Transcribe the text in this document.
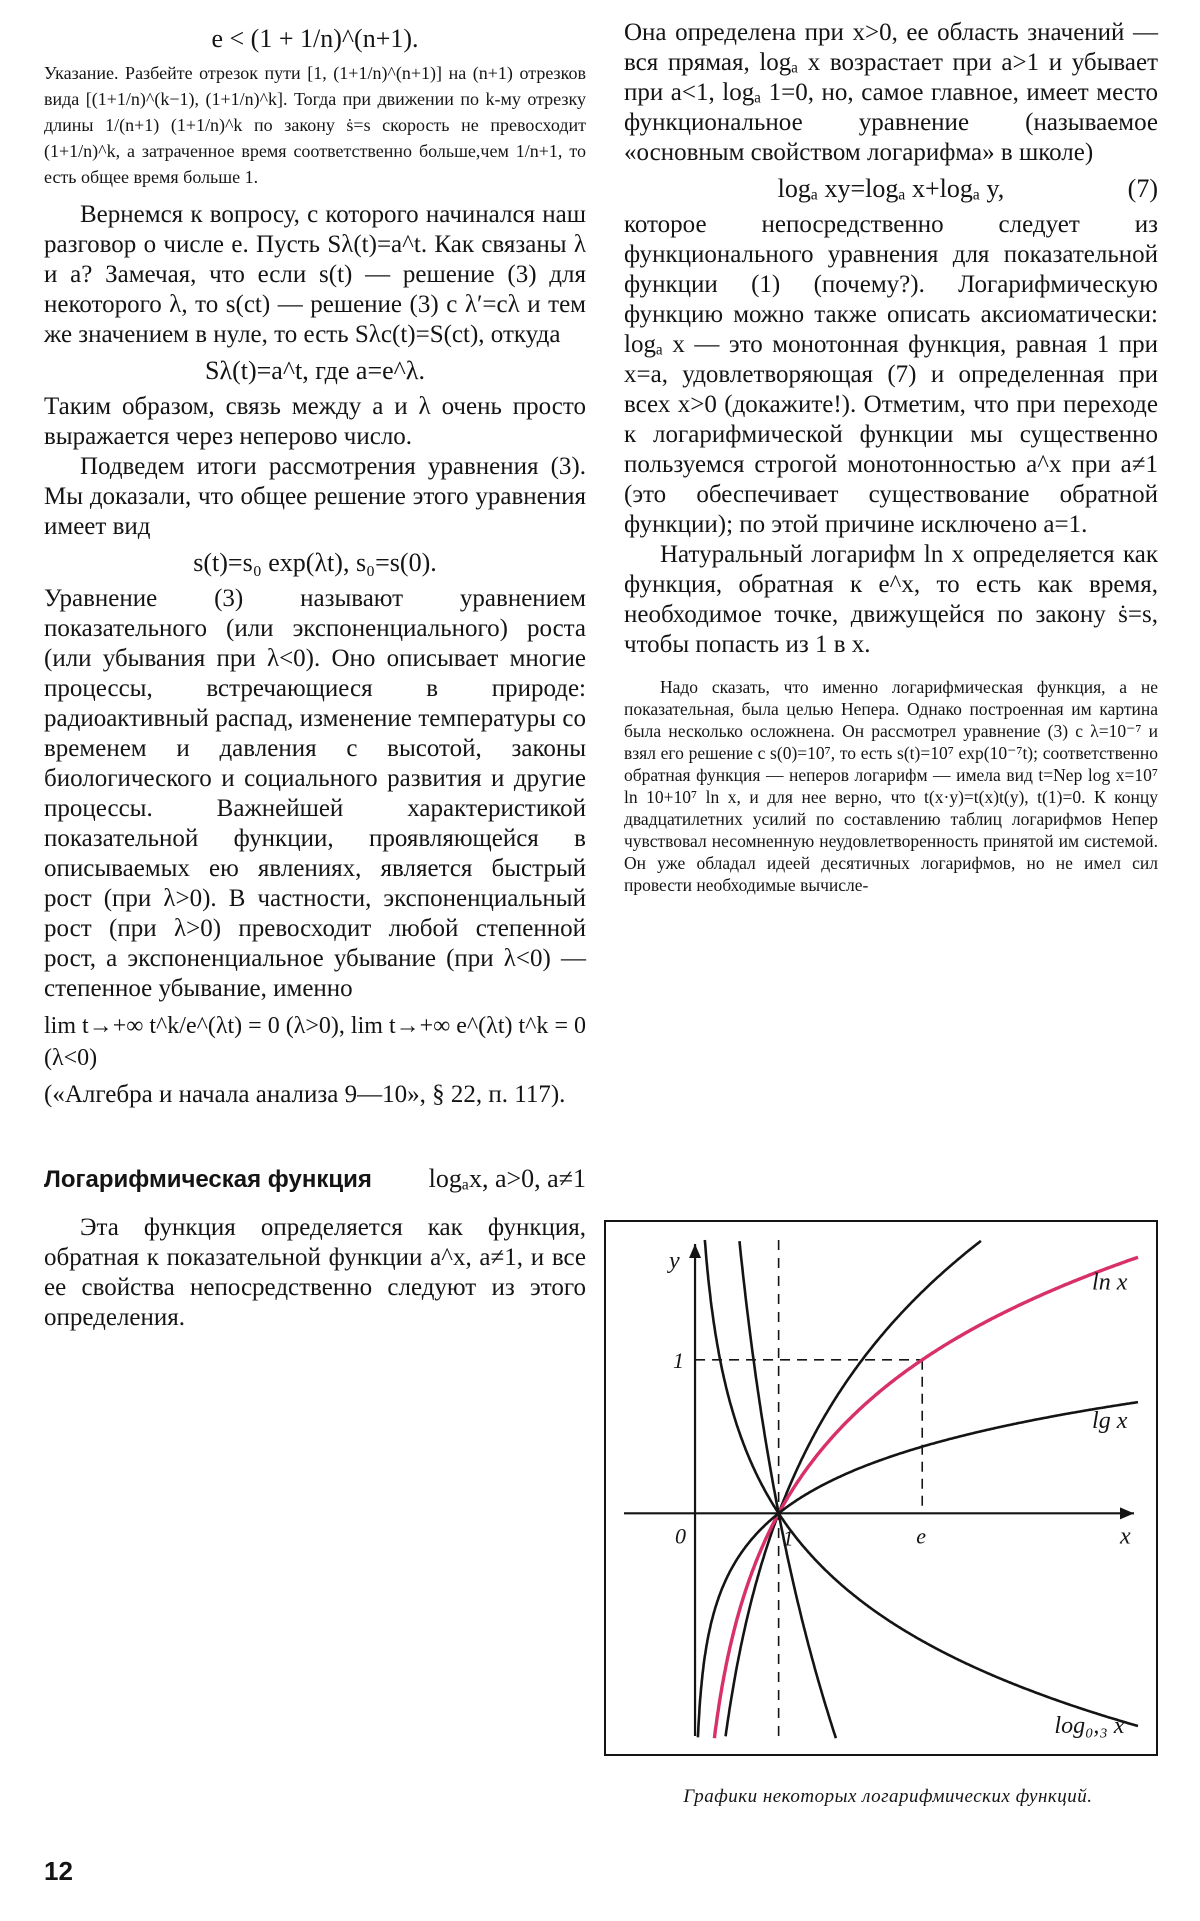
e < (1 + 1/n)^(n+1).

Указание. Разбейте отрезок пути [1, (1+1/n)^(n+1)] на (n+1) отрезков вида [(1+1/n)^(k−1), (1+1/n)^k]. Тогда при движении по k-му отрезку длины 1/(n+1) (1+1/n)^k по закону ṡ=s скорость не превосходит (1+1/n)^k, а затраченное время соответственно больше,чем 1/n+1, то есть общее время больше 1.

Вернемся к вопросу, с которого начинался наш разговор о числе e. Пусть Sλ(t)=a^t. Как связаны λ и a? Замечая, что если s(t) — решение (3) для некоторого λ, то s(ct) — решение (3) с λ′=cλ и тем же значением в нуле, то есть Sλc(t)=S(ct), откуда

Sλ(t)=a^t, где a=e^λ.

Таким образом, связь между a и λ очень просто выражается через неперово число.

Подведем итоги рассмотрения уравнения (3). Мы доказали, что общее решение этого уравнения имеет вид

s(t)=s₀ exp(λt), s₀=s(0).

Уравнение (3) называют уравнением показательного (или экспоненциального) роста (или убывания при λ<0). Оно описывает многие процессы, встречающиеся в природе: радиоактивный распад, изменение температуры со временем и давления с высотой, законы биологического и социального развития и другие процессы. Важнейшей характеристикой показательной функции, проявляющейся в описываемых ею явлениях, является быстрый рост (при λ>0). В частности, экспоненциальный рост (при λ>0) превосходит любой степенной рост, а экспоненциальное убывание (при λ<0) — степенное убывание, именно

lim t→+∞ t^k/e^(λt) = 0 (λ>0), lim t→+∞ e^(λt) t^k = 0 (λ<0)

(«Алгебра и начала анализа 9—10», § 22, п. 117).

Логарифмическая функция logₐx, a>0, a≠1

Эта функция определяется как функция, обратная к показательной функции a^x, a≠1, и все ее свойства непосредственно следуют из этого определения.

Она определена при x>0, ее область значений — вся прямая, logₐ x возрастает при a>1 и убывает при a<1, logₐ 1=0, но, самое главное, имеет место функциональное уравнение (называемое «основным свойством логарифма» в школе)

logₐ xy=logₐ x+logₐ y,	(7)

которое непосредственно следует из функционального уравнения для показательной функции (1) (почему?). Логарифмическую функцию можно также описать аксиоматически: logₐ x — это монотонная функция, равная 1 при x=a, удовлетворяющая (7) и определенная при всех x>0 (докажите!). Отметим, что при переходе к логарифмической функции мы существенно пользуемся строгой монотонностью a^x при a≠1 (это обеспечивает существование обратной функции); по этой причине исключено a=1.

Натуральный логарифм ln x определяется как функция, обратная к e^x, то есть как время, необходимое точке, движущейся по закону ṡ=s, чтобы попасть из 1 в x.

Надо сказать, что именно логарифмическая функция, а не показательная, была целью Непера. Однако построенная им картина была несколько осложнена. Он рассмотрел уравнение (3) с λ=10⁻⁷ и взял его решение с s(0)=10⁷, то есть s(t)=10⁷ exp(10⁻⁷t); соответственно обратная функция — неперов логарифм — имела вид t=Nep log x=10⁷ ln 10+10⁷ ln x, и для нее верно, что t(x·y)=t(x)t(y), t(1)=0. К концу двадцатилетних усилий по составлению таблиц логарифмов Непер чувствовал несомненную неудовлетворенность принятой им системой. Он уже обладал идеей десятичных логарифмов, но не имел сил провести необходимые вычисле-

y
x
0	1	e
1
ln x
lg x
log₀,₃ x

Графики некоторых логарифмических функций.

12
